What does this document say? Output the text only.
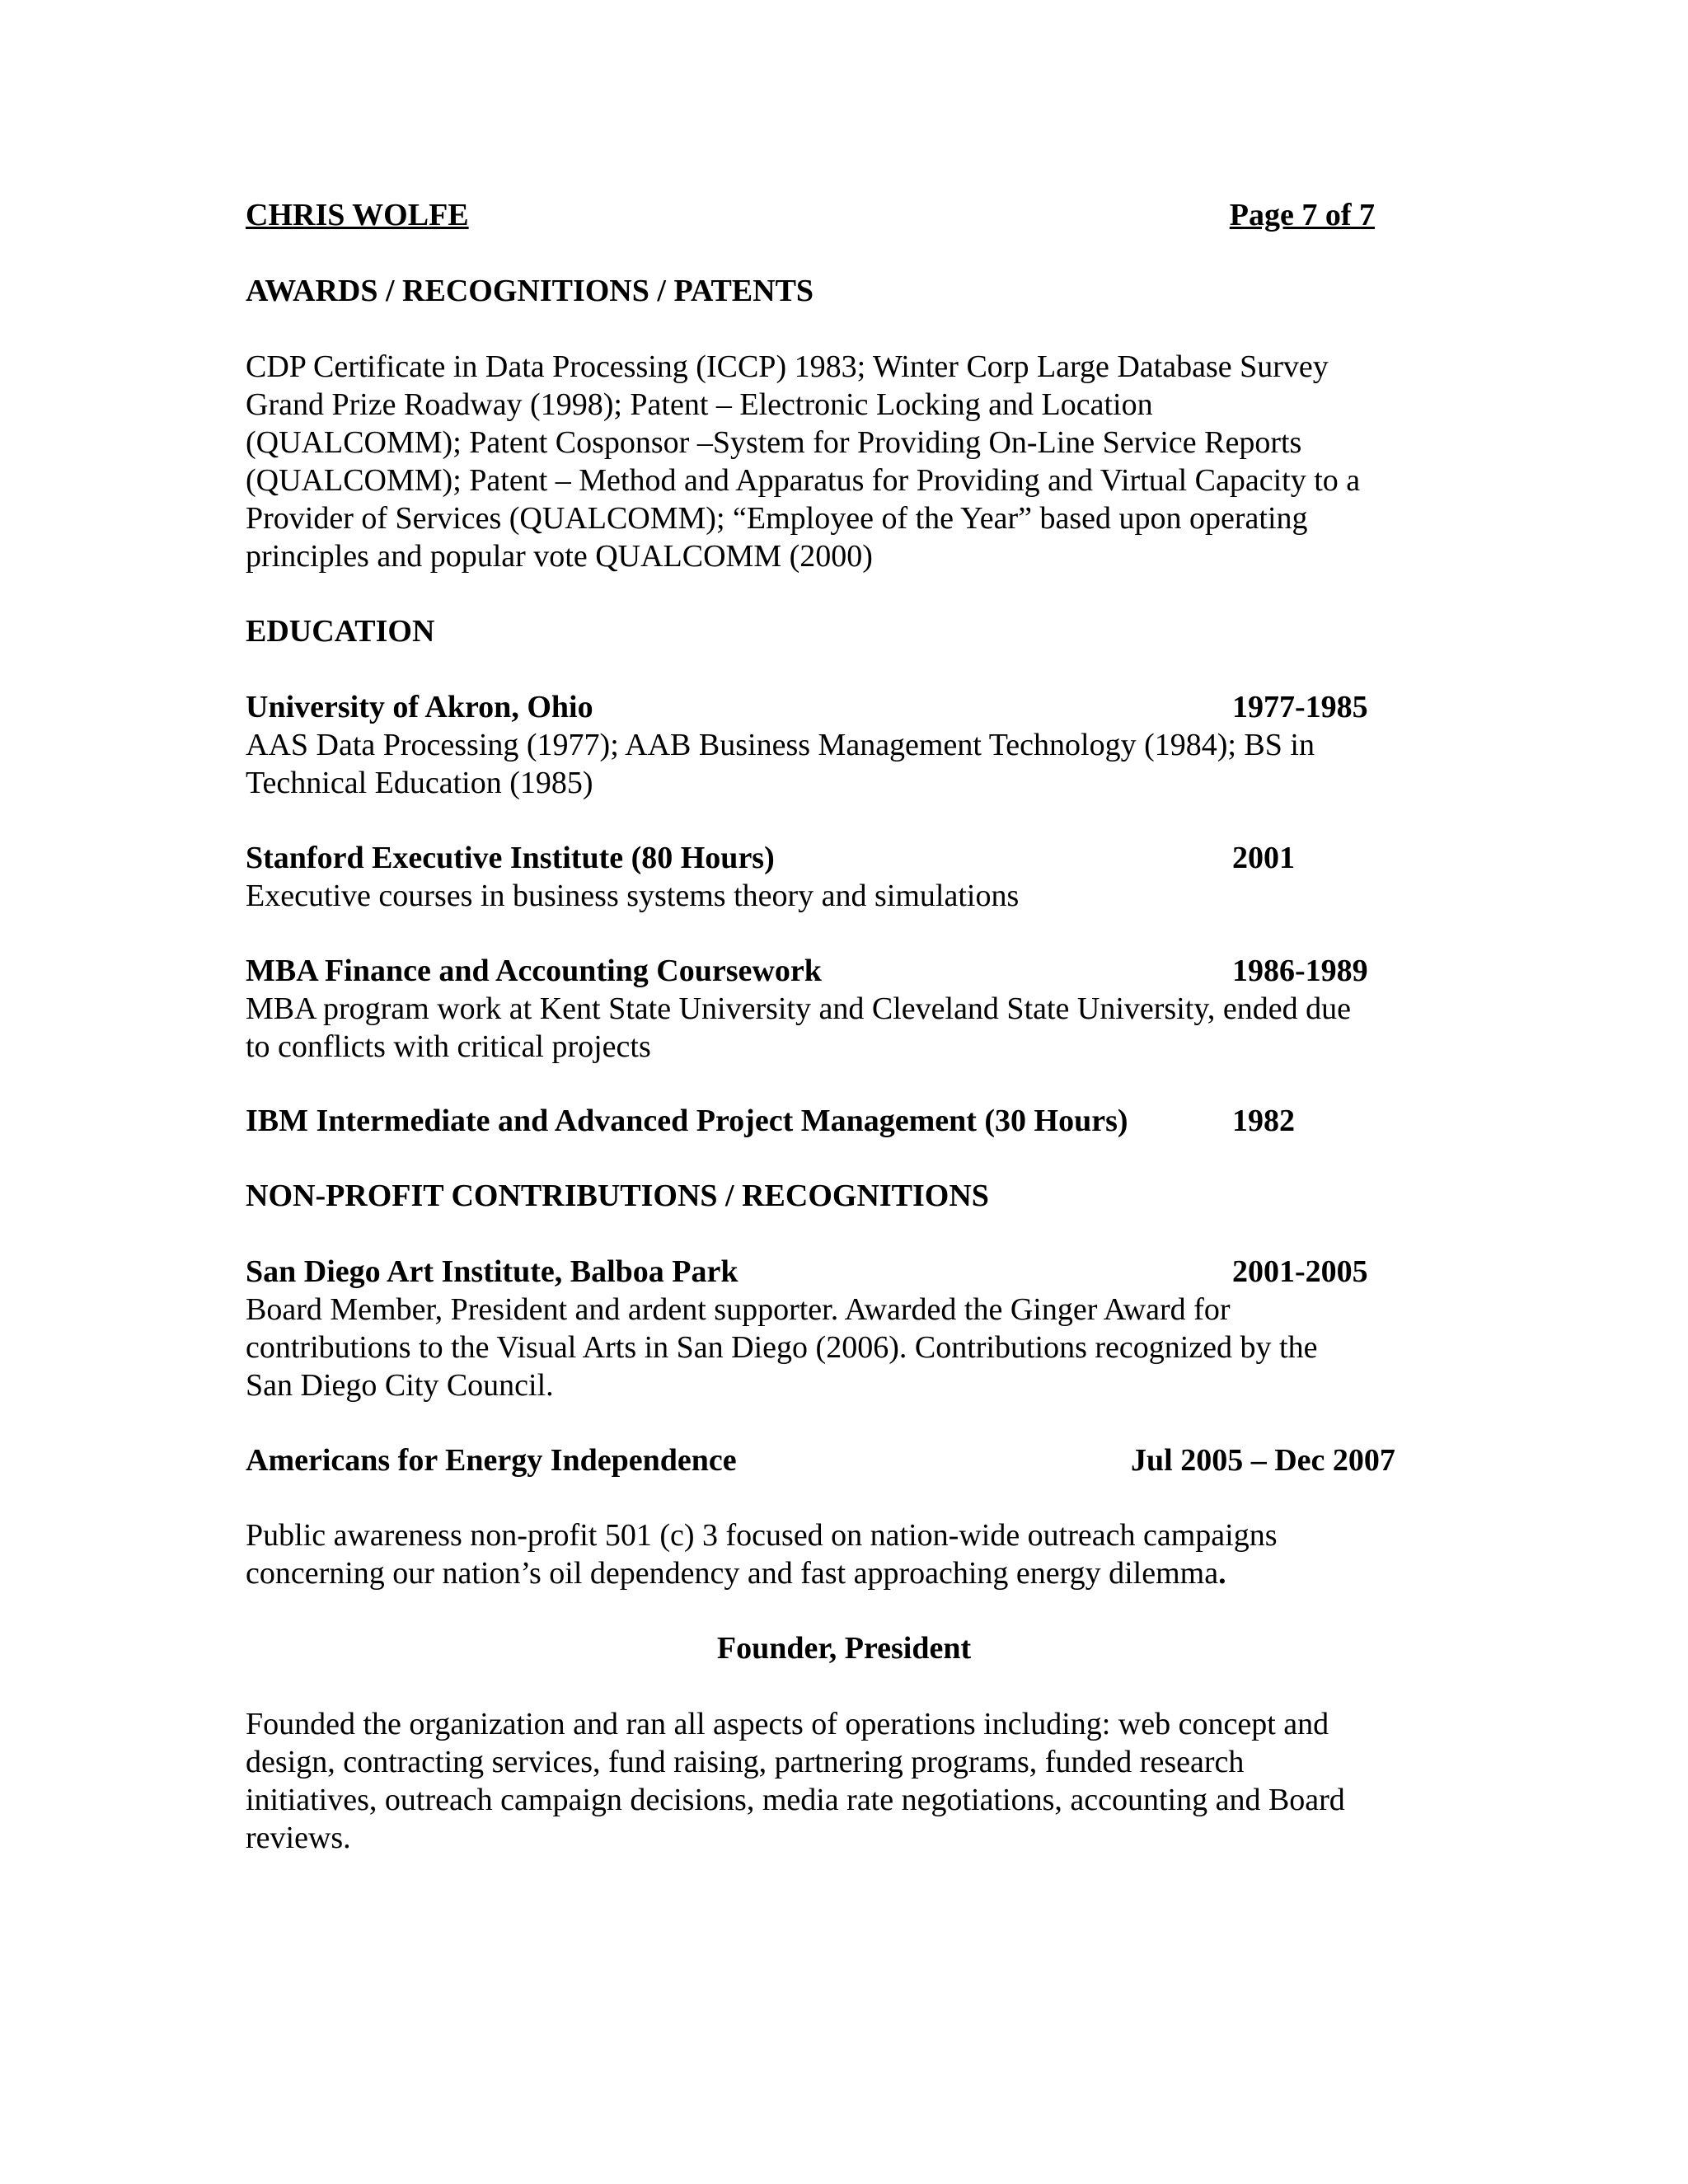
CHRIS WOLFE	Page 7 of 7
AWARDS / RECOGNITIONS / PATENTS
CDP Certificate in Data Processing (ICCP) 1983; Winter Corp Large Database Survey
Grand Prize Roadway (1998); Patent – Electronic Locking and Location
(QUALCOMM); Patent Cosponsor –System for Providing On-Line Service Reports
(QUALCOMM); Patent – Method and Apparatus for Providing and Virtual Capacity to a
Provider of Services (QUALCOMM); “Employee of the Year” based upon operating
principles and popular vote QUALCOMM (2000)
EDUCATION
University of Akron, Ohio	1977-1985
AAS Data Processing (1977); AAB Business Management Technology (1984); BS in
Technical Education (1985)
Stanford Executive Institute (80 Hours)	2001
Executive courses in business systems theory and simulations
MBA Finance and Accounting Coursework	1986-1989
MBA program work at Kent State University and Cleveland State University, ended due
to conflicts with critical projects
IBM Intermediate and Advanced Project Management (30 Hours)	1982
NON-PROFIT CONTRIBUTIONS / RECOGNITIONS
San Diego Art Institute, Balboa Park	2001-2005
Board Member, President and ardent supporter. Awarded the Ginger Award for
contributions to the Visual Arts in San Diego (2006). Contributions recognized by the
San Diego City Council.
Americans for Energy Independence	Jul 2005 – Dec 2007
Public awareness non-profit 501 (c) 3 focused on nation-wide outreach campaigns
concerning our nation’s oil dependency and fast approaching energy dilemma.
Founder, President
Founded the organization and ran all aspects of operations including: web concept and
design, contracting services, fund raising, partnering programs, funded research
initiatives, outreach campaign decisions, media rate negotiations, accounting and Board
reviews.
